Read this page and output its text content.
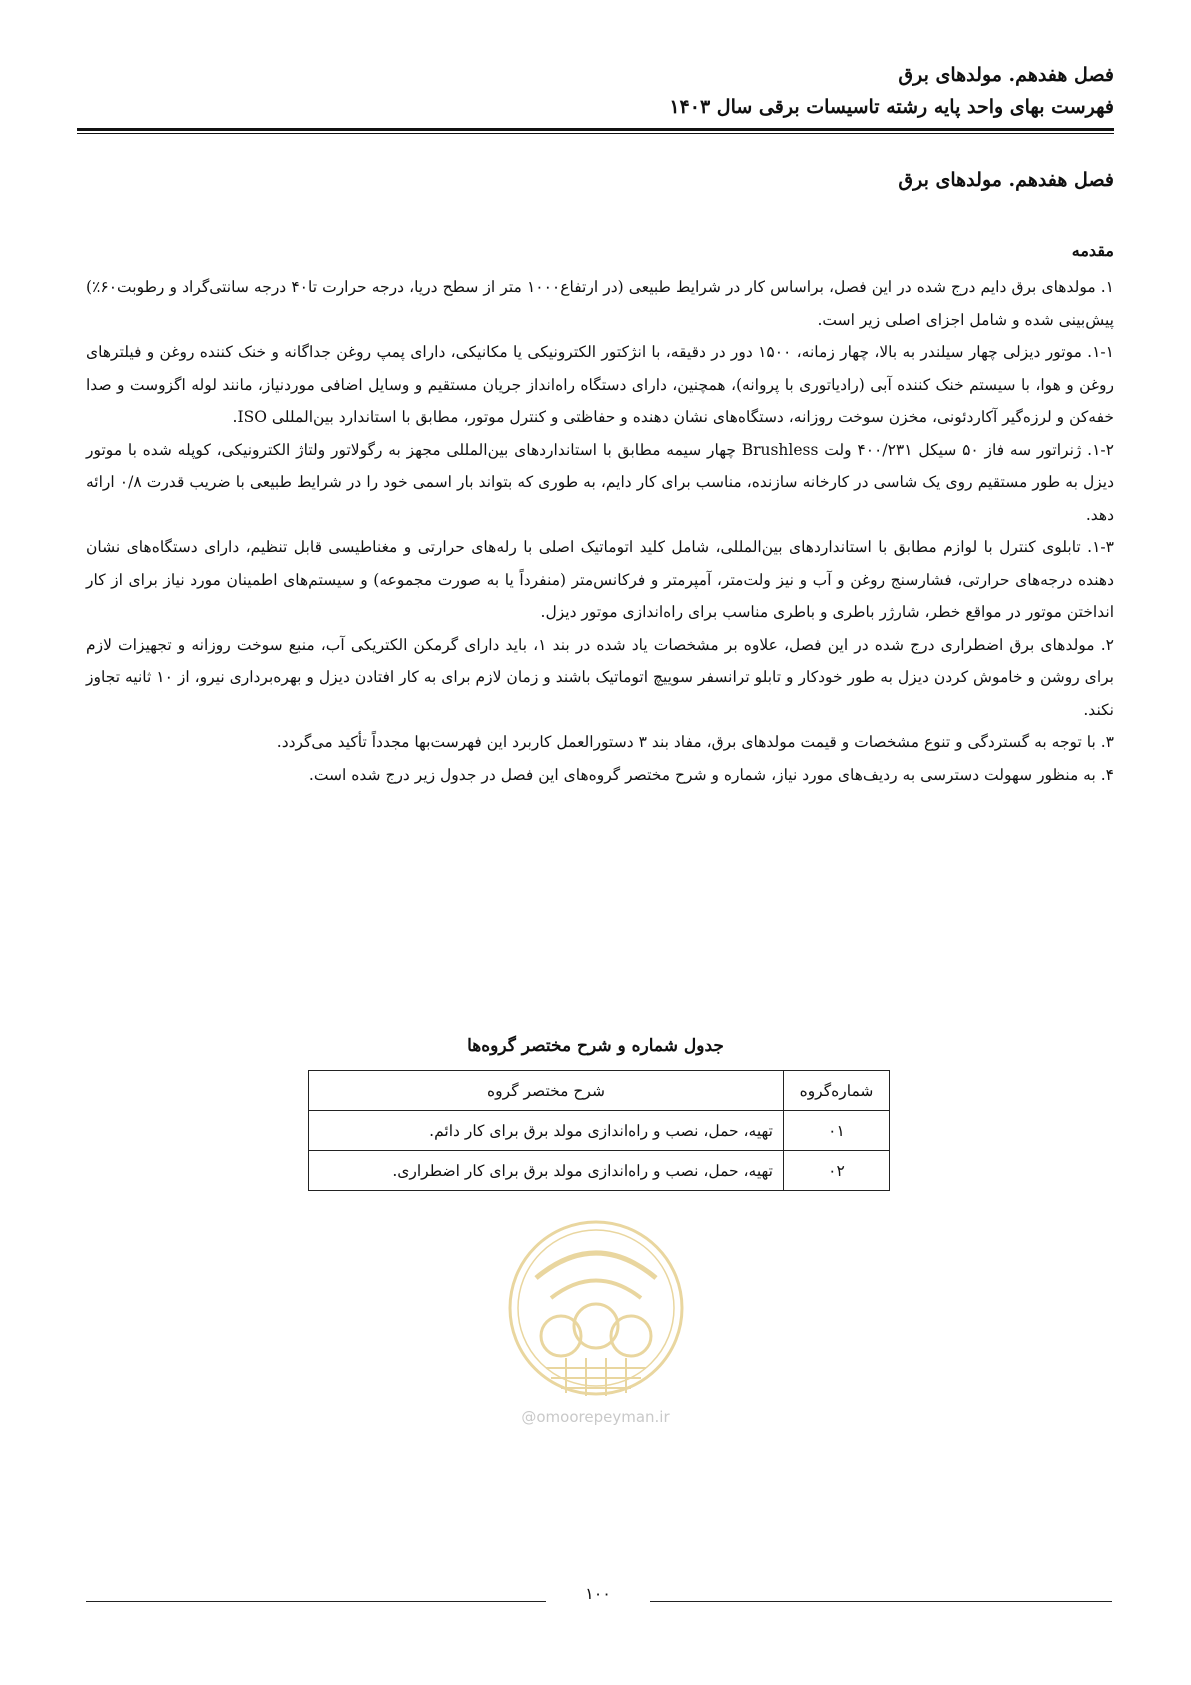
فصل هفدهم. مولدهای برق
فهرست بهای واحد پایه رشته تاسیسات برقی سال ۱۴۰۳
فصل هفدهم. مولدهای برق
مقدمه

۱. مولدهای برق دایم درج شده در این فصل، براساس کار در شرایط طبیعی (در ارتفاع۱۰۰۰ متر از سطح دریا، درجه حرارت تا۴۰ درجه سانتی‌گراد و رطوبت۶۰٪) پیش‌بینی شده و شامل اجزای اصلی زیر است.

۱-۱. موتور دیزلی چهار سیلندر به بالا، چهار زمانه، ۱۵۰۰ دور در دقیقه، با انژکتور الکترونیکی یا مکانیکی، دارای پمپ روغن جداگانه و خنک کننده روغن و فیلترهای روغن و هوا، با سیستم خنک کننده آبی (رادیاتوری با پروانه)، همچنین، دارای دستگاه راه‌انداز جریان مستقیم و وسایل اضافی موردنیاز، مانند لوله اگزوست و صدا خفه‌کن و لرزه‌گیر آکاردئونی، مخزن سوخت روزانه، دستگاه‌های نشان دهنده و حفاظتی و کنترل موتور، مطابق با استاندارد بین‌المللی ISO.

۱-۲. ژنراتور سه فاز ۵۰ سیکل ۴۰۰/۲۳۱ ولت Brushless چهار سیمه مطابق با استانداردهای بین‌المللی مجهز به رگولاتور ولتاژ الکترونیکی، کوپله شده با موتور دیزل به طور مستقیم روی یک شاسی در کارخانه سازنده، مناسب برای کار دایم، به طوری که بتواند بار اسمی خود را در شرایط طبیعی با ضریب قدرت ۰/۸ ارائه دهد.

۱-۳. تابلوی کنترل با لوازم مطابق با استانداردهای بین‌المللی، شامل کلید اتوماتیک اصلی با رله‌های حرارتی و مغناطیسی قابل تنظیم، دارای دستگاه‌های نشان دهنده درجه‌های حرارتی، فشارسنج روغن و آب و نیز ولت‌متر، آمپرمتر و فرکانس‌متر (منفرداً یا به صورت مجموعه) و سیستم‌های اطمینان مورد نیاز برای از کار انداختن موتور در مواقع خطر، شارژر باطری و باطری مناسب برای راه‌اندازی موتور دیزل.

۲. مولدهای برق اضطراری درج شده در این فصل، علاوه بر مشخصات یاد شده در بند ۱، باید دارای گرمکن الکتریکی آب، منبع سوخت روزانه و تجهیزات لازم برای روشن و خاموش کردن دیزل به طور خودکار و تابلو ترانسفر سوییچ اتوماتیک باشند و زمان لازم برای به کار افتادن دیزل و بهره‌برداری نیرو، از ۱۰ ثانیه تجاوز نکند.

۳. با توجه به گستردگی و تنوع مشخصات و قیمت مولدهای برق، مفاد بند ۳ دستورالعمل کاربرد این فهرست‌بها مجدداً تأکید می‌گردد.

۴. به منظور سهولت دسترسی به ردیف‌های مورد نیاز، شماره و شرح مختصر گروه‌های این فصل در جدول زیر درج شده است.

جدول شماره و شرح مختصر گروه‌ها
شماره‌گروه	شرح مختصر گروه
۰۱	تهیه، حمل، نصب و راه‌اندازی مولد برق برای کار دائم.
۰۲	تهیه، حمل، نصب و راه‌اندازی مولد برق برای کار اضطراری.
@omoorepeyman.ir
۱۰۰
